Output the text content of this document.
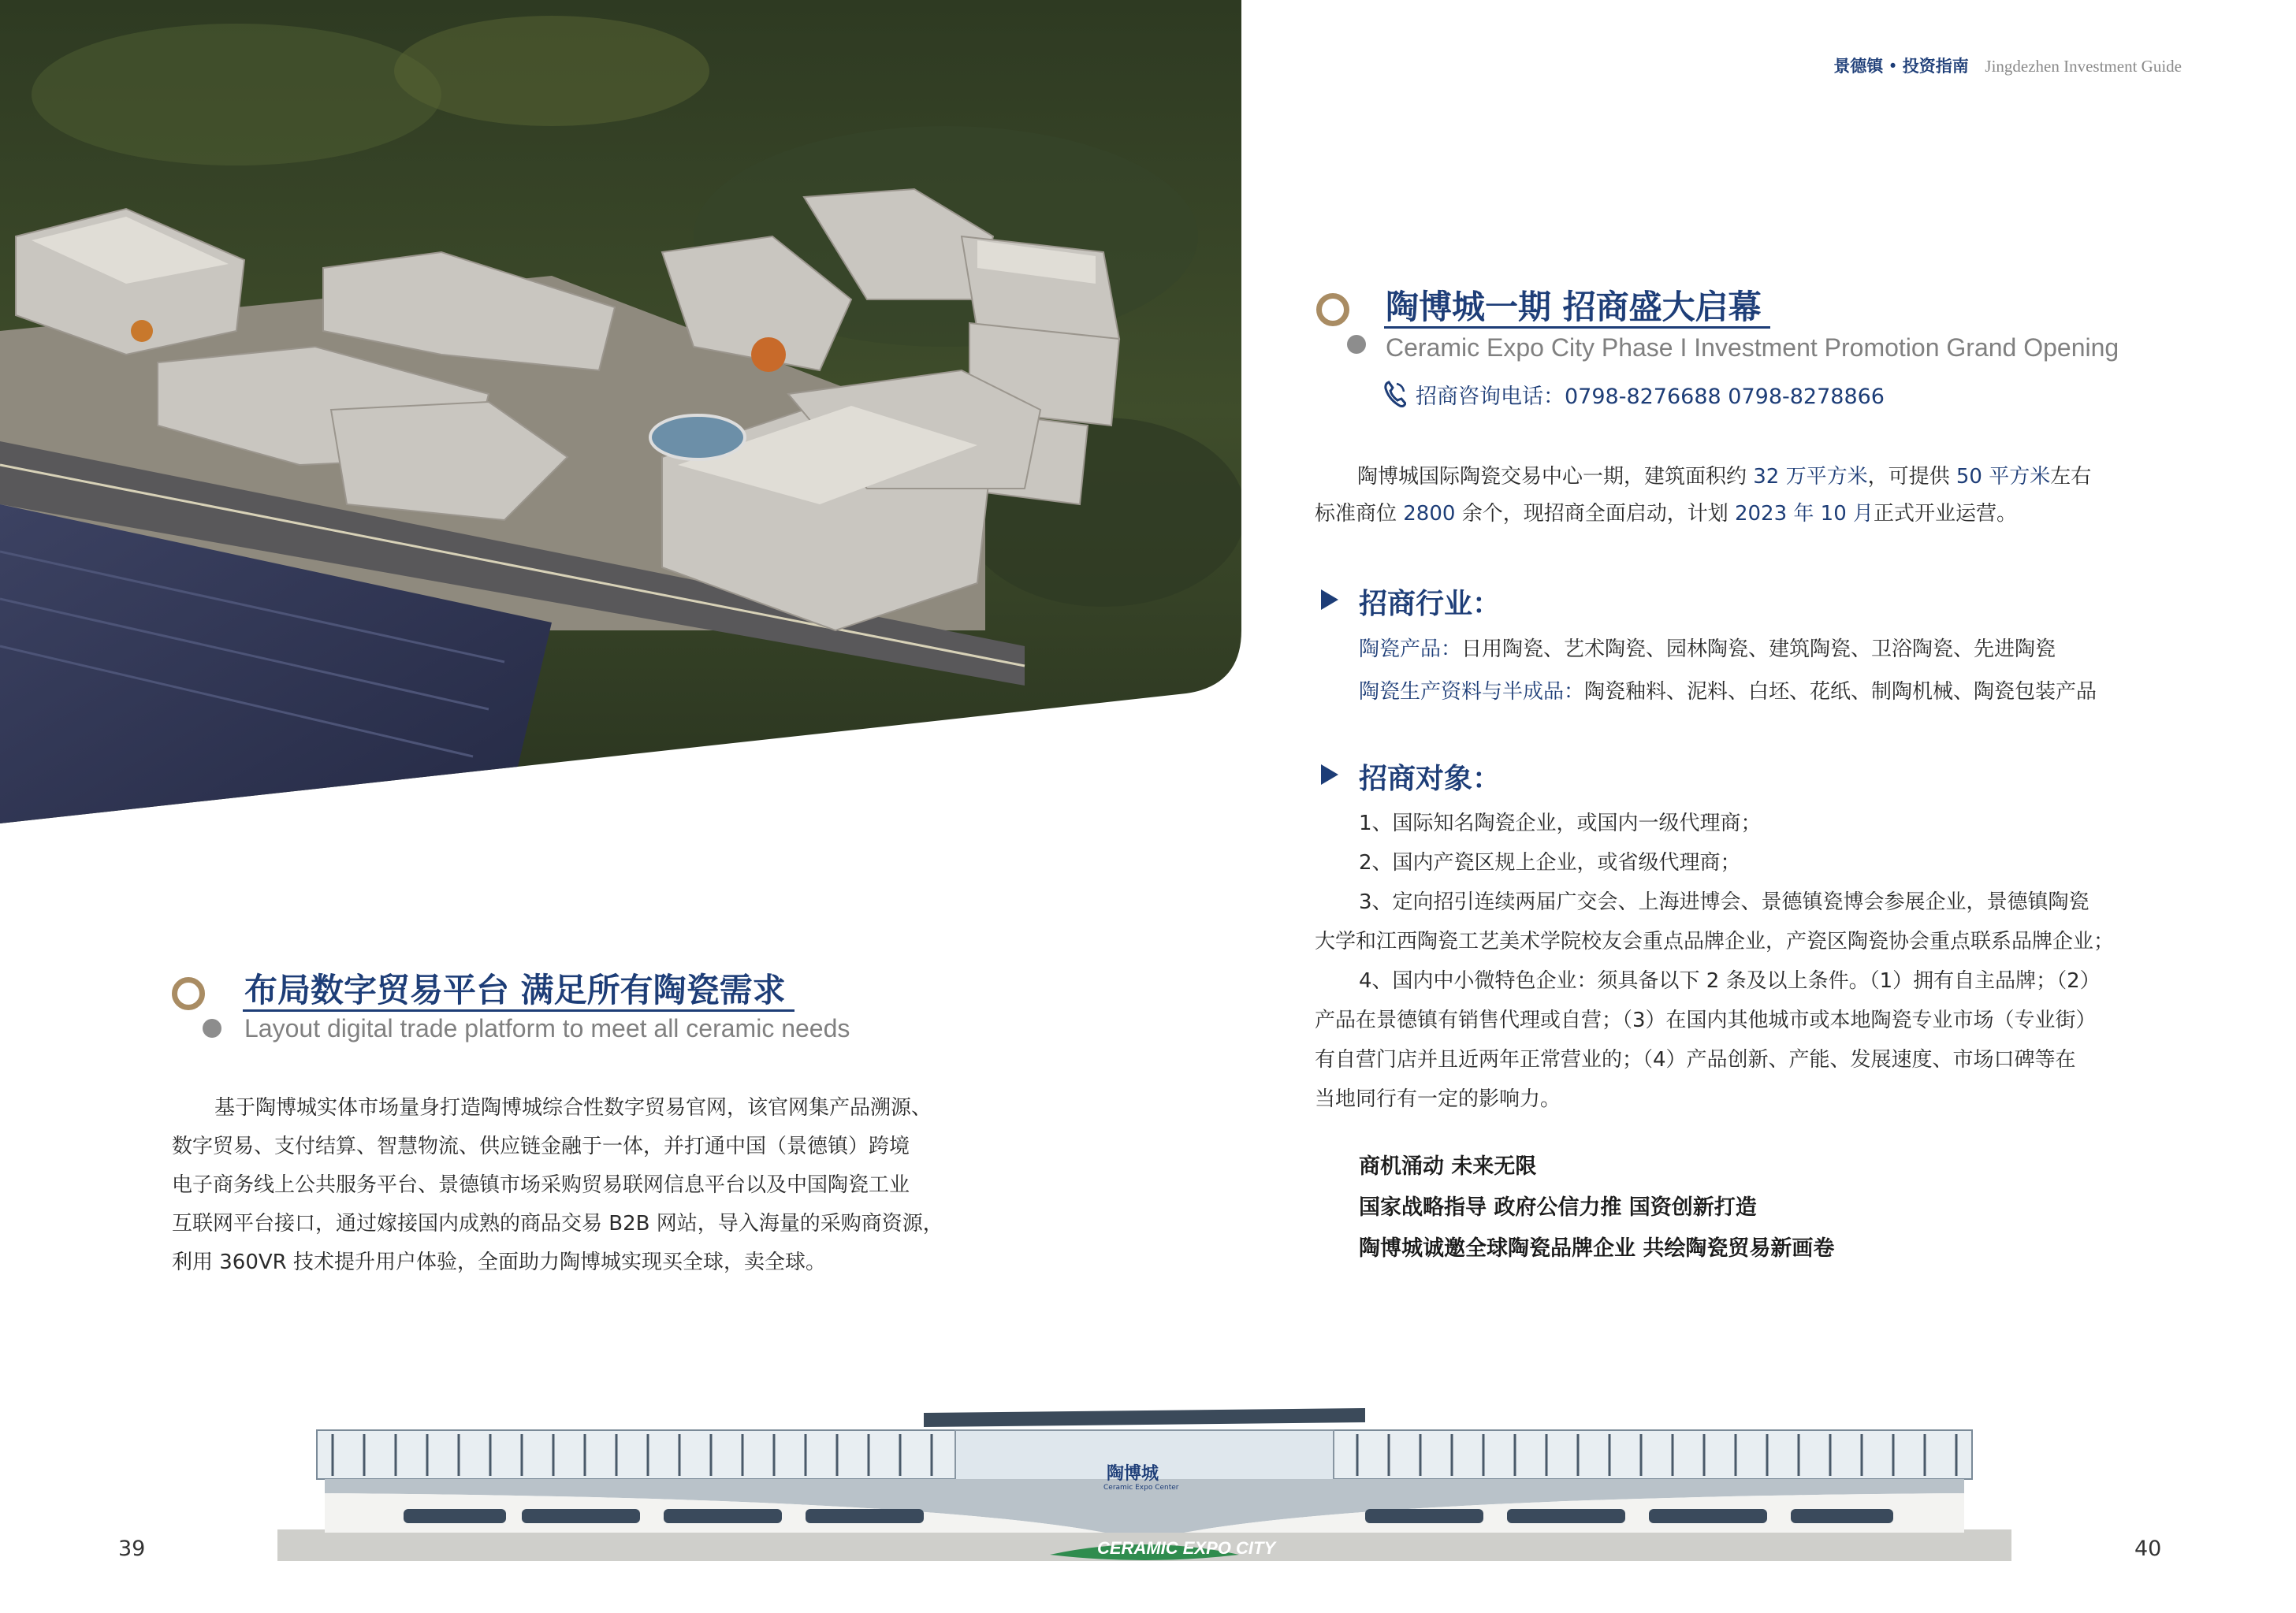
景德镇 • 投资指南 Jingdezhen Investment Guide
陶博城一期 招商盛大启幕
Ceramic Expo City Phase I Investment Promotion Grand Opening
招商咨询电话：0798-8276688 0798-8278866
陶博城国际陶瓷交易中心一期，建筑面积约 32 万平方米，可提供 50 平方米左右
标准商位 2800 余个，现招商全面启动，计划 2023 年 10 月正式开业运营。
招商行业：
陶瓷产品：日用陶瓷、艺术陶瓷、园林陶瓷、建筑陶瓷、卫浴陶瓷、先进陶瓷
陶瓷生产资料与半成品：陶瓷釉料、泥料、白坯、花纸、制陶机械、陶瓷包装产品
招商对象：
1、国际知名陶瓷企业，或国内一级代理商；
2、国内产瓷区规上企业，或省级代理商；
3、定向招引连续两届广交会、上海进博会、景德镇瓷博会参展企业，景德镇陶瓷
大学和江西陶瓷工艺美术学院校友会重点品牌企业，产瓷区陶瓷协会重点联系品牌企业；
4、国内中小微特色企业：须具备以下 2 条及以上条件。（1）拥有自主品牌；（2）
产品在景德镇有销售代理或自营；（3）在国内其他城市或本地陶瓷专业市场（专业街）
有自营门店并且近两年正常营业的；（4）产品创新、产能、发展速度、市场口碑等在
当地同行有一定的影响力。
商机涌动 未来无限
国家战略指导 政府公信力推 国资创新打造
陶博城诚邀全球陶瓷品牌企业 共绘陶瓷贸易新画卷
布局数字贸易平台 满足所有陶瓷需求
Layout digital trade platform to meet all ceramic needs
基于陶博城实体市场量身打造陶博城综合性数字贸易官网，该官网集产品溯源、
数字贸易、支付结算、智慧物流、供应链金融于一体，并打通中国（景德镇）跨境
电子商务线上公共服务平台、景德镇市场采购贸易联网信息平台以及中国陶瓷工业
互联网平台接口，通过嫁接国内成熟的商品交易 B2B 网站，导入海量的采购商资源，
利用 360VR 技术提升用户体验，全面助力陶博城实现买全球，卖全球。
陶博城
Ceramic Expo Center
CERAMIC EXPO CITY
39	40
